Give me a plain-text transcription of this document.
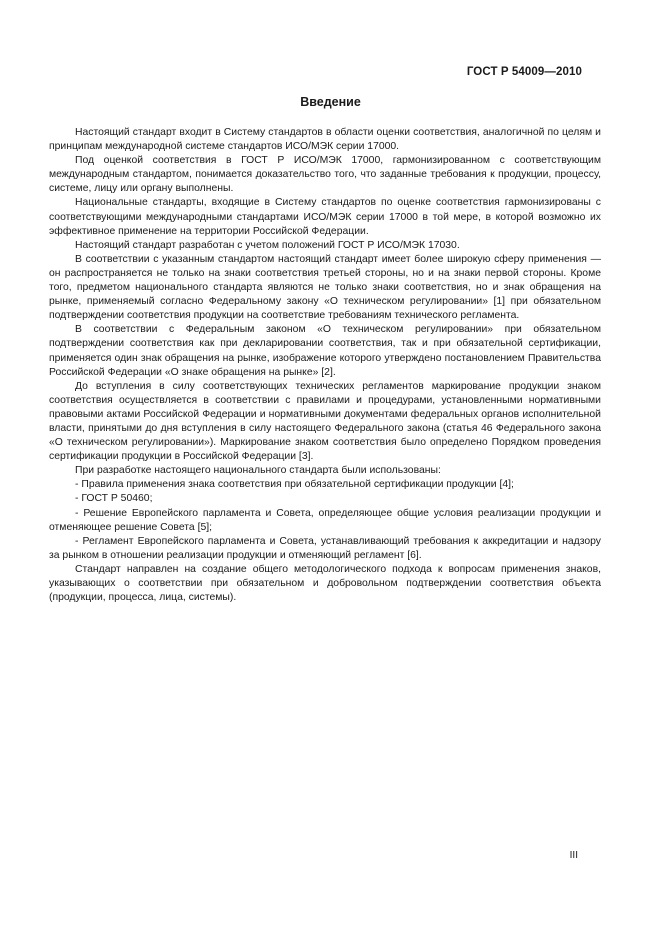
ГОСТ Р 54009—2010
Введение

Настоящий стандарт входит в Систему стандартов в области оценки соответствия, аналогичной по целям и принципам международной системе стандартов ИСО/МЭК серии 17000.

Под оценкой соответствия в ГОСТ Р ИСО/МЭК 17000, гармонизированном с соответствующим международным стандартом, понимается доказательство того, что заданные требования к продукции, процессу, системе, лицу или органу выполнены.

Национальные стандарты, входящие в Систему стандартов по оценке соответствия гармонизированы с соответствующими международными стандартами ИСО/МЭК серии 17000 в той мере, в которой возможно их эффективное применение на территории Российской Федерации.

Настоящий стандарт разработан с учетом положений ГОСТ Р ИСО/МЭК 17030.

В соответствии с указанным стандартом настоящий стандарт имеет более широкую сферу применения — он распространяется не только на знаки соответствия третьей стороны, но и на знаки первой стороны. Кроме того, предметом национального стандарта являются не только знаки соответствия, но и знак обращения на рынке, применяемый согласно Федеральному закону «О техническом регулировании» [1] при обязательном подтверждении соответствия продукции на соответствие требованиям технического регламента.

В соответствии с Федеральным законом «О техническом регулировании» при обязательном подтверждении соответствия как при декларировании соответствия, так и при обязательной сертификации, применяется один знак обращения на рынке, изображение которого утверждено постановлением Правительства Российской Федерации «О знаке обращения на рынке» [2].

До вступления в силу соответствующих технических регламентов маркирование продукции знаком соответствия осуществляется в соответствии с правилами и процедурами, установленными нормативными правовыми актами Российской Федерации и нормативными документами федеральных органов исполнительной власти, принятыми до дня вступления в силу настоящего Федерального закона (статья 46 Федерального закона «О техническом регулировании»). Маркирование знаком соответствия было определено Порядком проведения сертификации продукции в Российской Федерации [3].

При разработке настоящего национального стандарта были использованы:

- Правила применения знака соответствия при обязательной сертификации продукции [4];

- ГОСТ Р 50460;

- Решение Европейского парламента и Совета, определяющее общие условия реализации продукции и отменяющее решение Совета [5];

- Регламент Европейского парламента и Совета, устанавливающий требования к аккредитации и надзору за рынком в отношении реализации продукции и отменяющий регламент [6].

Стандарт направлен на создание общего методологического подхода к вопросам применения знаков, указывающих о соответствии при обязательном и добровольном подтверждении соответствия объекта (продукции, процесса, лица, системы).

III
